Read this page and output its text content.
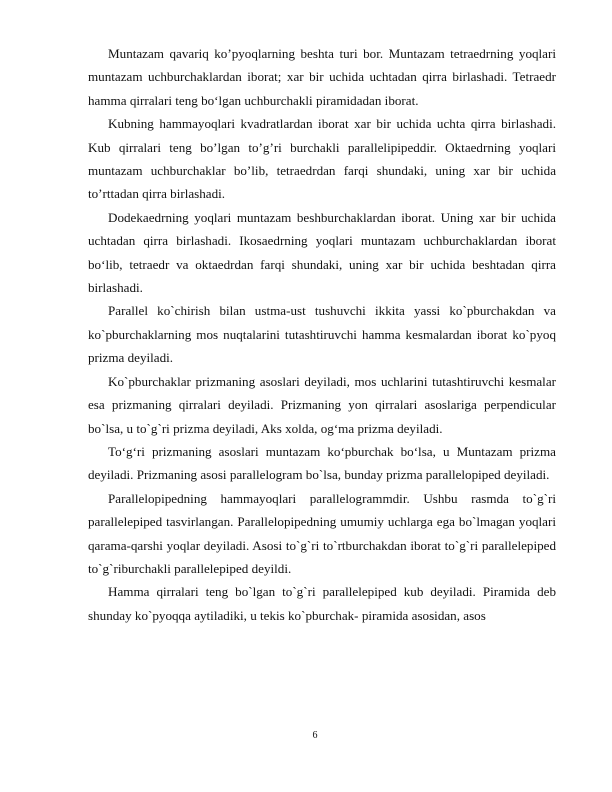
Muntazam qavariq ko’pyoqlarning beshta turi bor. Muntazam tetraedrning yoqlari muntazam uchburchaklardan iborat; xar bir uchida uchtadan qirra birlashadi. Tetraedr hamma qirralari teng bo‘lgan uchburchakli piramidadan iborat.

Kubning hammayoqlari kvadratlardan iborat xar bir uchida uchta qirra birlashadi. Kub qirralari teng bo’lgan to’g’ri burchakli parallelipipeddir. Oktaedrning yoqlari muntazam uchburchaklar bo’lib, tetraedrdan farqi shundaki, uning xar bir uchida to’rttadan qirra birlashadi.

Dodekaedrning yoqlari muntazam beshburchaklardan iborat. Uning xar bir uchida uchtadan qirra birlashadi. Ikosaedrning yoqlari muntazam uchburchaklardan iborat bo‘lib, tetraedr va oktaedrdan farqi shundaki, uning xar bir uchida beshtadan qirra birlashadi.

Parallel ko`chirish bilan ustma-ust tushuvchi ikkita yassi ko`pburchakdan va ko`pburchaklarning mos nuqtalarini tutashtiruvchi hamma kesmalardan iborat ko`pyoq prizma deyiladi.

Ko`pburchaklar prizmaning asoslari deyiladi, mos uchlarini tutashtiruvchi kesmalar esa prizmaning qirralari deyiladi. Prizmaning yon qirralari asoslariga perpendicular bo`lsa, u to`g`ri prizma deyiladi, Aks xolda, og‘ma prizma deyiladi.

To‘g‘ri prizmaning asoslari muntazam ko‘pburchak bo‘lsa, u Muntazam prizma deyiladi. Prizmaning asosi parallelogram bo`lsa, bunday prizma parallelopiped deyiladi.

Parallelopipedning hammayoqlari parallelogrammdir. Ushbu rasmda to`g`ri parallelepiped tasvirlangan. Parallelopipedning umumiy uchlarga ega bo`lmagan yoqlari qarama-qarshi yoqlar deyiladi. Asosi to`g`ri to`rtburchakdan iborat to`g`ri parallelepiped to`g`riburchakli parallelepiped deyildi.

Hamma qirralari teng bo`lgan to`g`ri parallelepiped kub deyiladi. Piramida deb shunday ko`pyoqqa aytiladiki, u tekis ko`pburchak- piramida asosidan, asos

6
